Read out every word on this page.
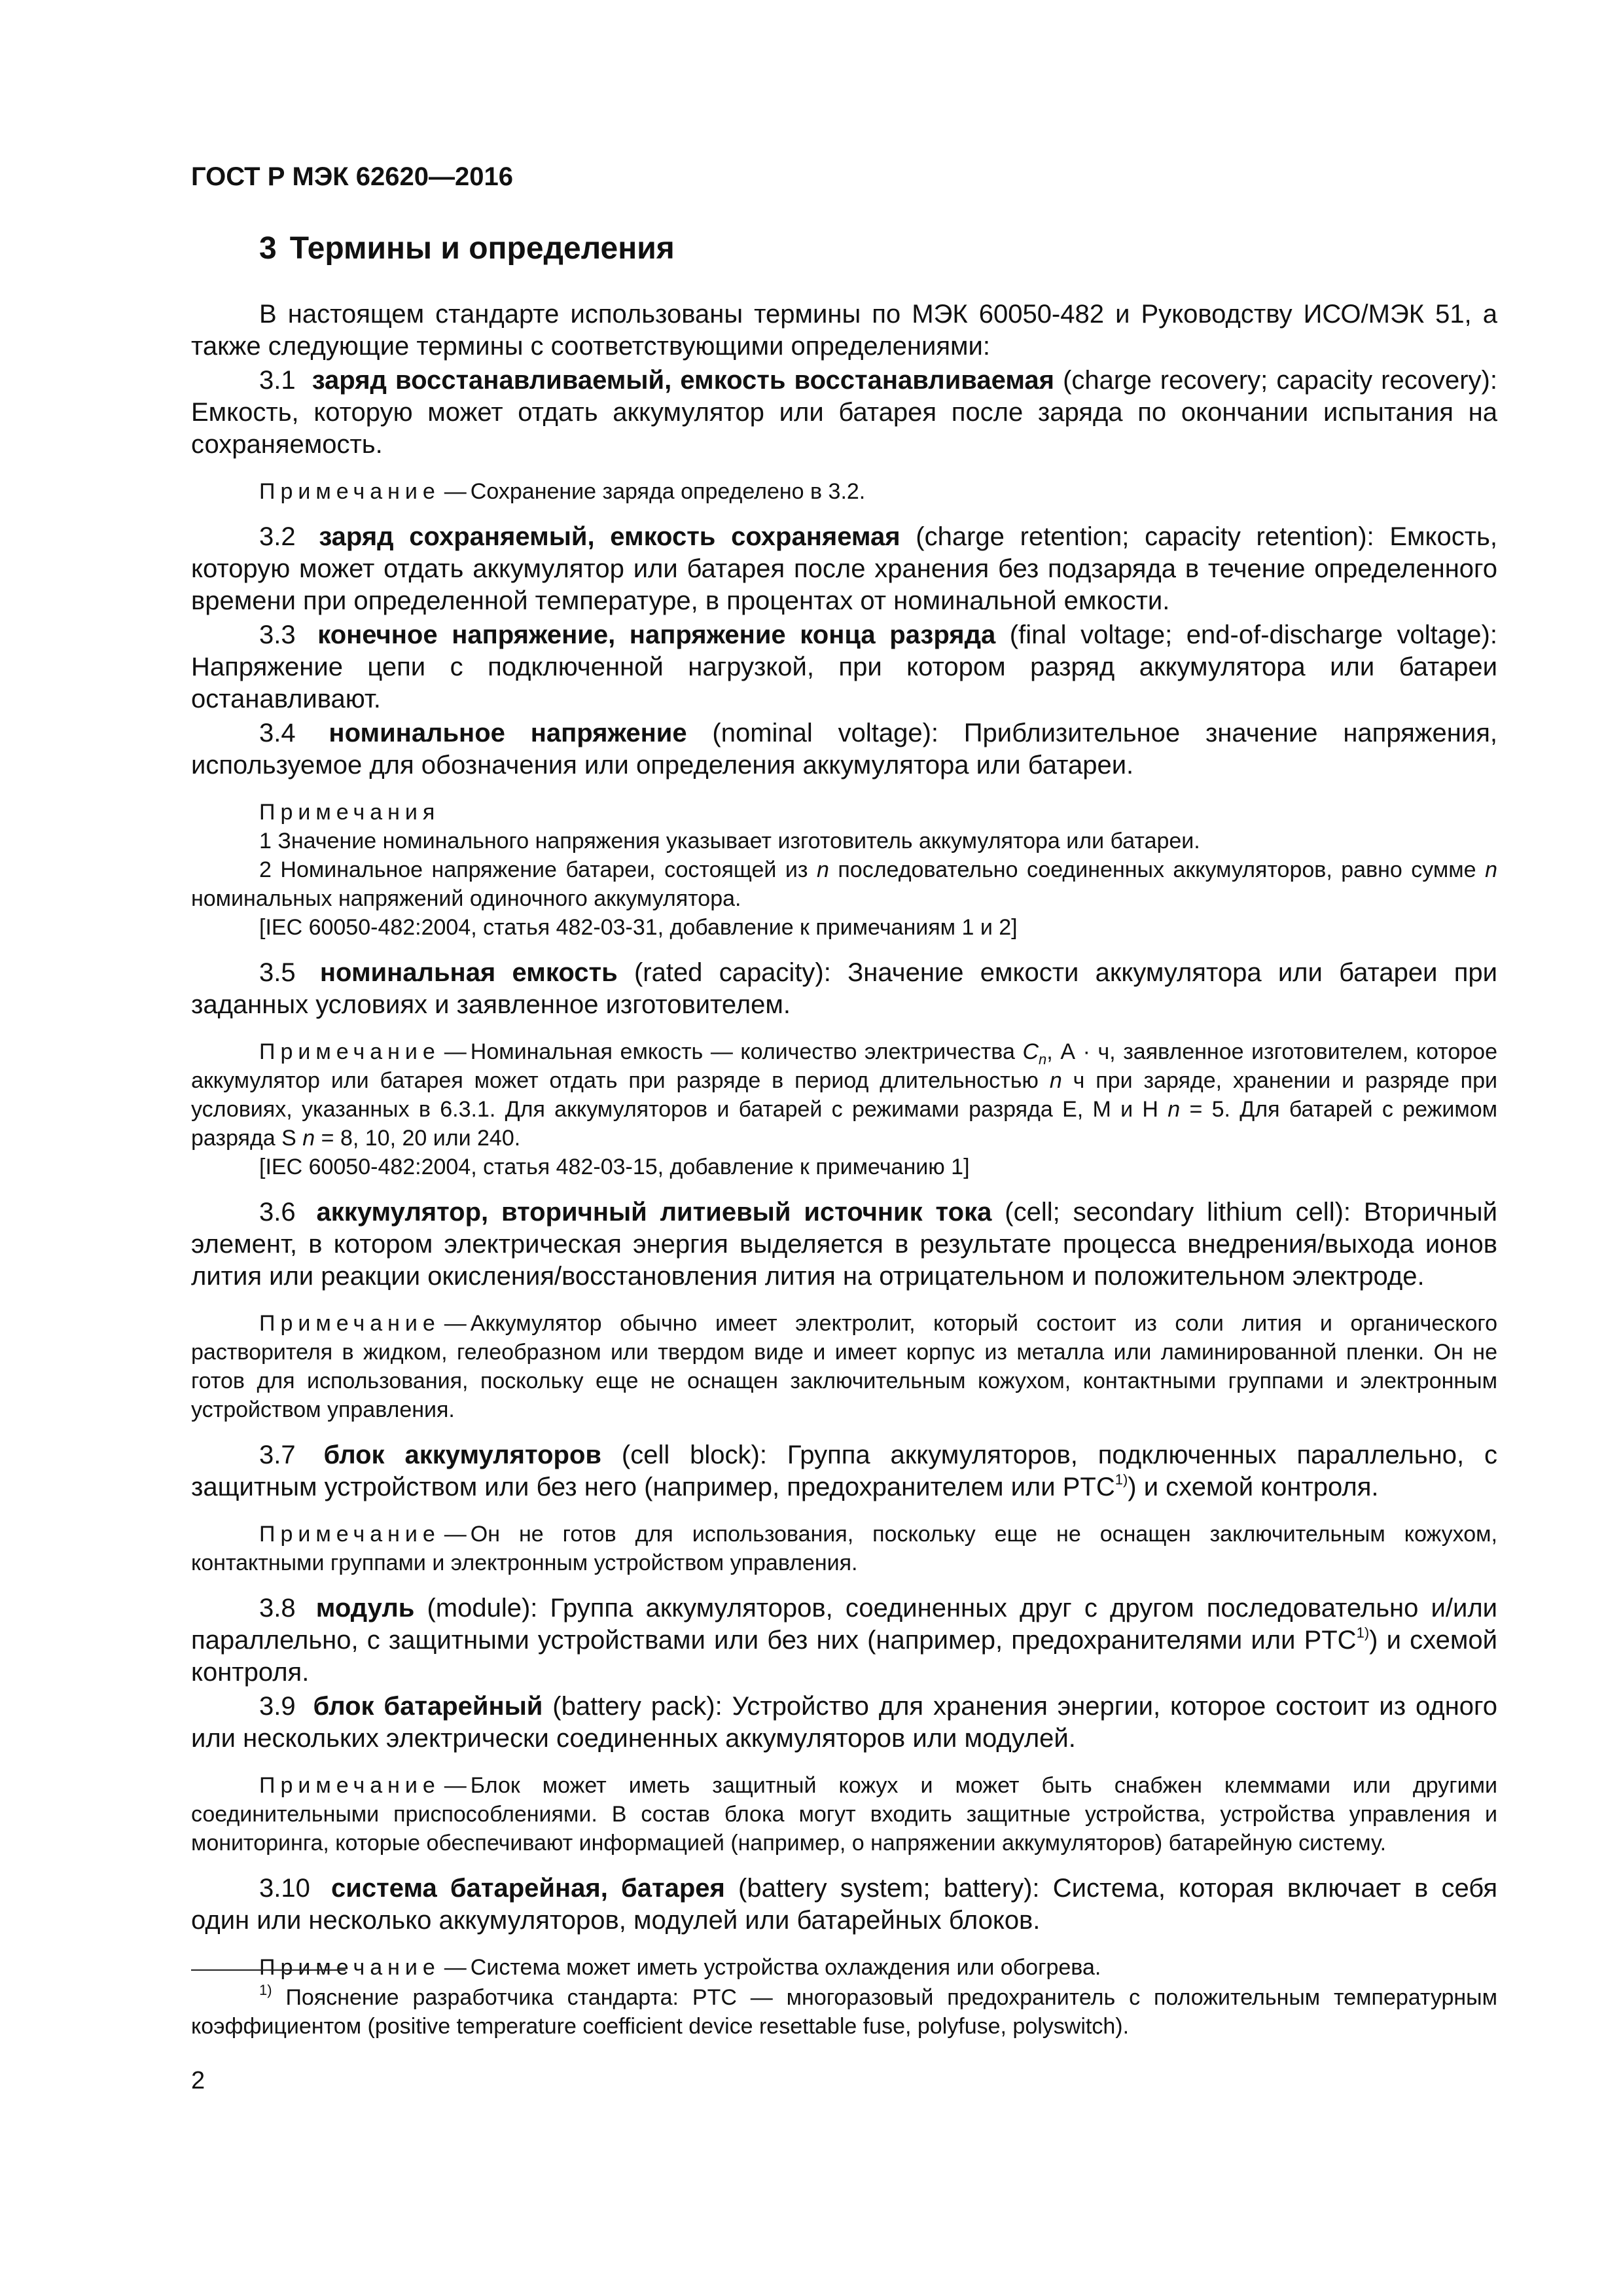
ГОСТ Р МЭК 62620—2016
3 Термины и определения

В настоящем стандарте использованы термины по МЭК 60050-482 и Руководству ИСО/МЭК 51, а также следующие термины с соответствующими определениями:

3.1 заряд восстанавливаемый, емкость восстанавливаемая (charge recovery; capacity recovery): Емкость, которую может отдать аккумулятор или батарея после заряда по окончании испытания на сохраняемость.

Примечание — Сохранение заряда определено в 3.2.

3.2 заряд сохраняемый, емкость сохраняемая (charge retention; capacity retention): Емкость, которую может отдать аккумулятор или батарея после хранения без подзаряда в течение определенного времени при определенной температуре, в процентах от номинальной емкости.

3.3 конечное напряжение, напряжение конца разряда (final voltage; end-of-discharge voltage): Напряжение цепи с подключенной нагрузкой, при котором разряд аккумулятора или батареи останавливают.

3.4 номинальное напряжение (nominal voltage): Приблизительное значение напряжения, используемое для обозначения или определения аккумулятора или батареи.

Примечания

1 Значение номинального напряжения указывает изготовитель аккумулятора или батареи.

2 Номинальное напряжение батареи, состоящей из n последовательно соединенных аккумуляторов, равно сумме n номинальных напряжений одиночного аккумулятора.

[IEC 60050-482:2004, статья 482-03-31, добавление к примечаниям 1 и 2]

3.5 номинальная емкость (rated capacity): Значение емкости аккумулятора или батареи при заданных условиях и заявленное изготовителем.

Примечание — Номинальная емкость — количество электричества $C_n$, А · ч, заявленное изготовителем, которое аккумулятор или батарея может отдать при разряде в период длительностью n ч при заряде, хранении и разряде при условиях, указанных в 6.3.1. Для аккумуляторов и батарей с режимами разряда E, M и H n = 5. Для батарей с режимом разряда S n = 8, 10, 20 или 240.

[IEC 60050-482:2004, статья 482-03-15, добавление к примечанию 1]

3.6 аккумулятор, вторичный литиевый источник тока (cell; secondary lithium cell): Вторичный элемент, в котором электрическая энергия выделяется в результате процесса внедрения/выхода ионов лития или реакции окисления/восстановления лития на отрицательном и положительном электроде.

Примечание — Аккумулятор обычно имеет электролит, который состоит из соли лития и органического растворителя в жидком, гелеобразном или твердом виде и имеет корпус из металла или ламинированной пленки. Он не готов для использования, поскольку еще не оснащен заключительным кожухом, контактными группами и электронным устройством управления.

3.7 блок аккумуляторов (cell block): Группа аккумуляторов, подключенных параллельно, с защитным устройством или без него (например, предохранителем или PTC$^{1)}$) и схемой контроля.

Примечание — Он не готов для использования, поскольку еще не оснащен заключительным кожухом, контактными группами и электронным устройством управления.

3.8 модуль (module): Группа аккумуляторов, соединенных друг с другом последовательно и/или параллельно, с защитными устройствами или без них (например, предохранителями или PTC$^{1)}$) и схемой контроля.

3.9 блок батарейный (battery pack): Устройство для хранения энергии, которое состоит из одного или нескольких электрически соединенных аккумуляторов или модулей.

Примечание — Блок может иметь защитный кожух и может быть снабжен клеммами или другими соединительными приспособлениями. В состав блока могут входить защитные устройства, устройства управления и мониторинга, которые обеспечивают информацией (например, о напряжении аккумуляторов) батарейную систему.

3.10 система батарейная, батарея (battery system; battery): Система, которая включает в себя один или несколько аккумуляторов, модулей или батарейных блоков.

Примечание — Система может иметь устройства охлаждения или обогрева.

$^{1)}$ Пояснение разработчика стандарта: PTC — многоразовый предохранитель с положительным температурным коэффициентом (positive temperature coefficient device resettable fuse, polyfuse, polyswitch).

2
